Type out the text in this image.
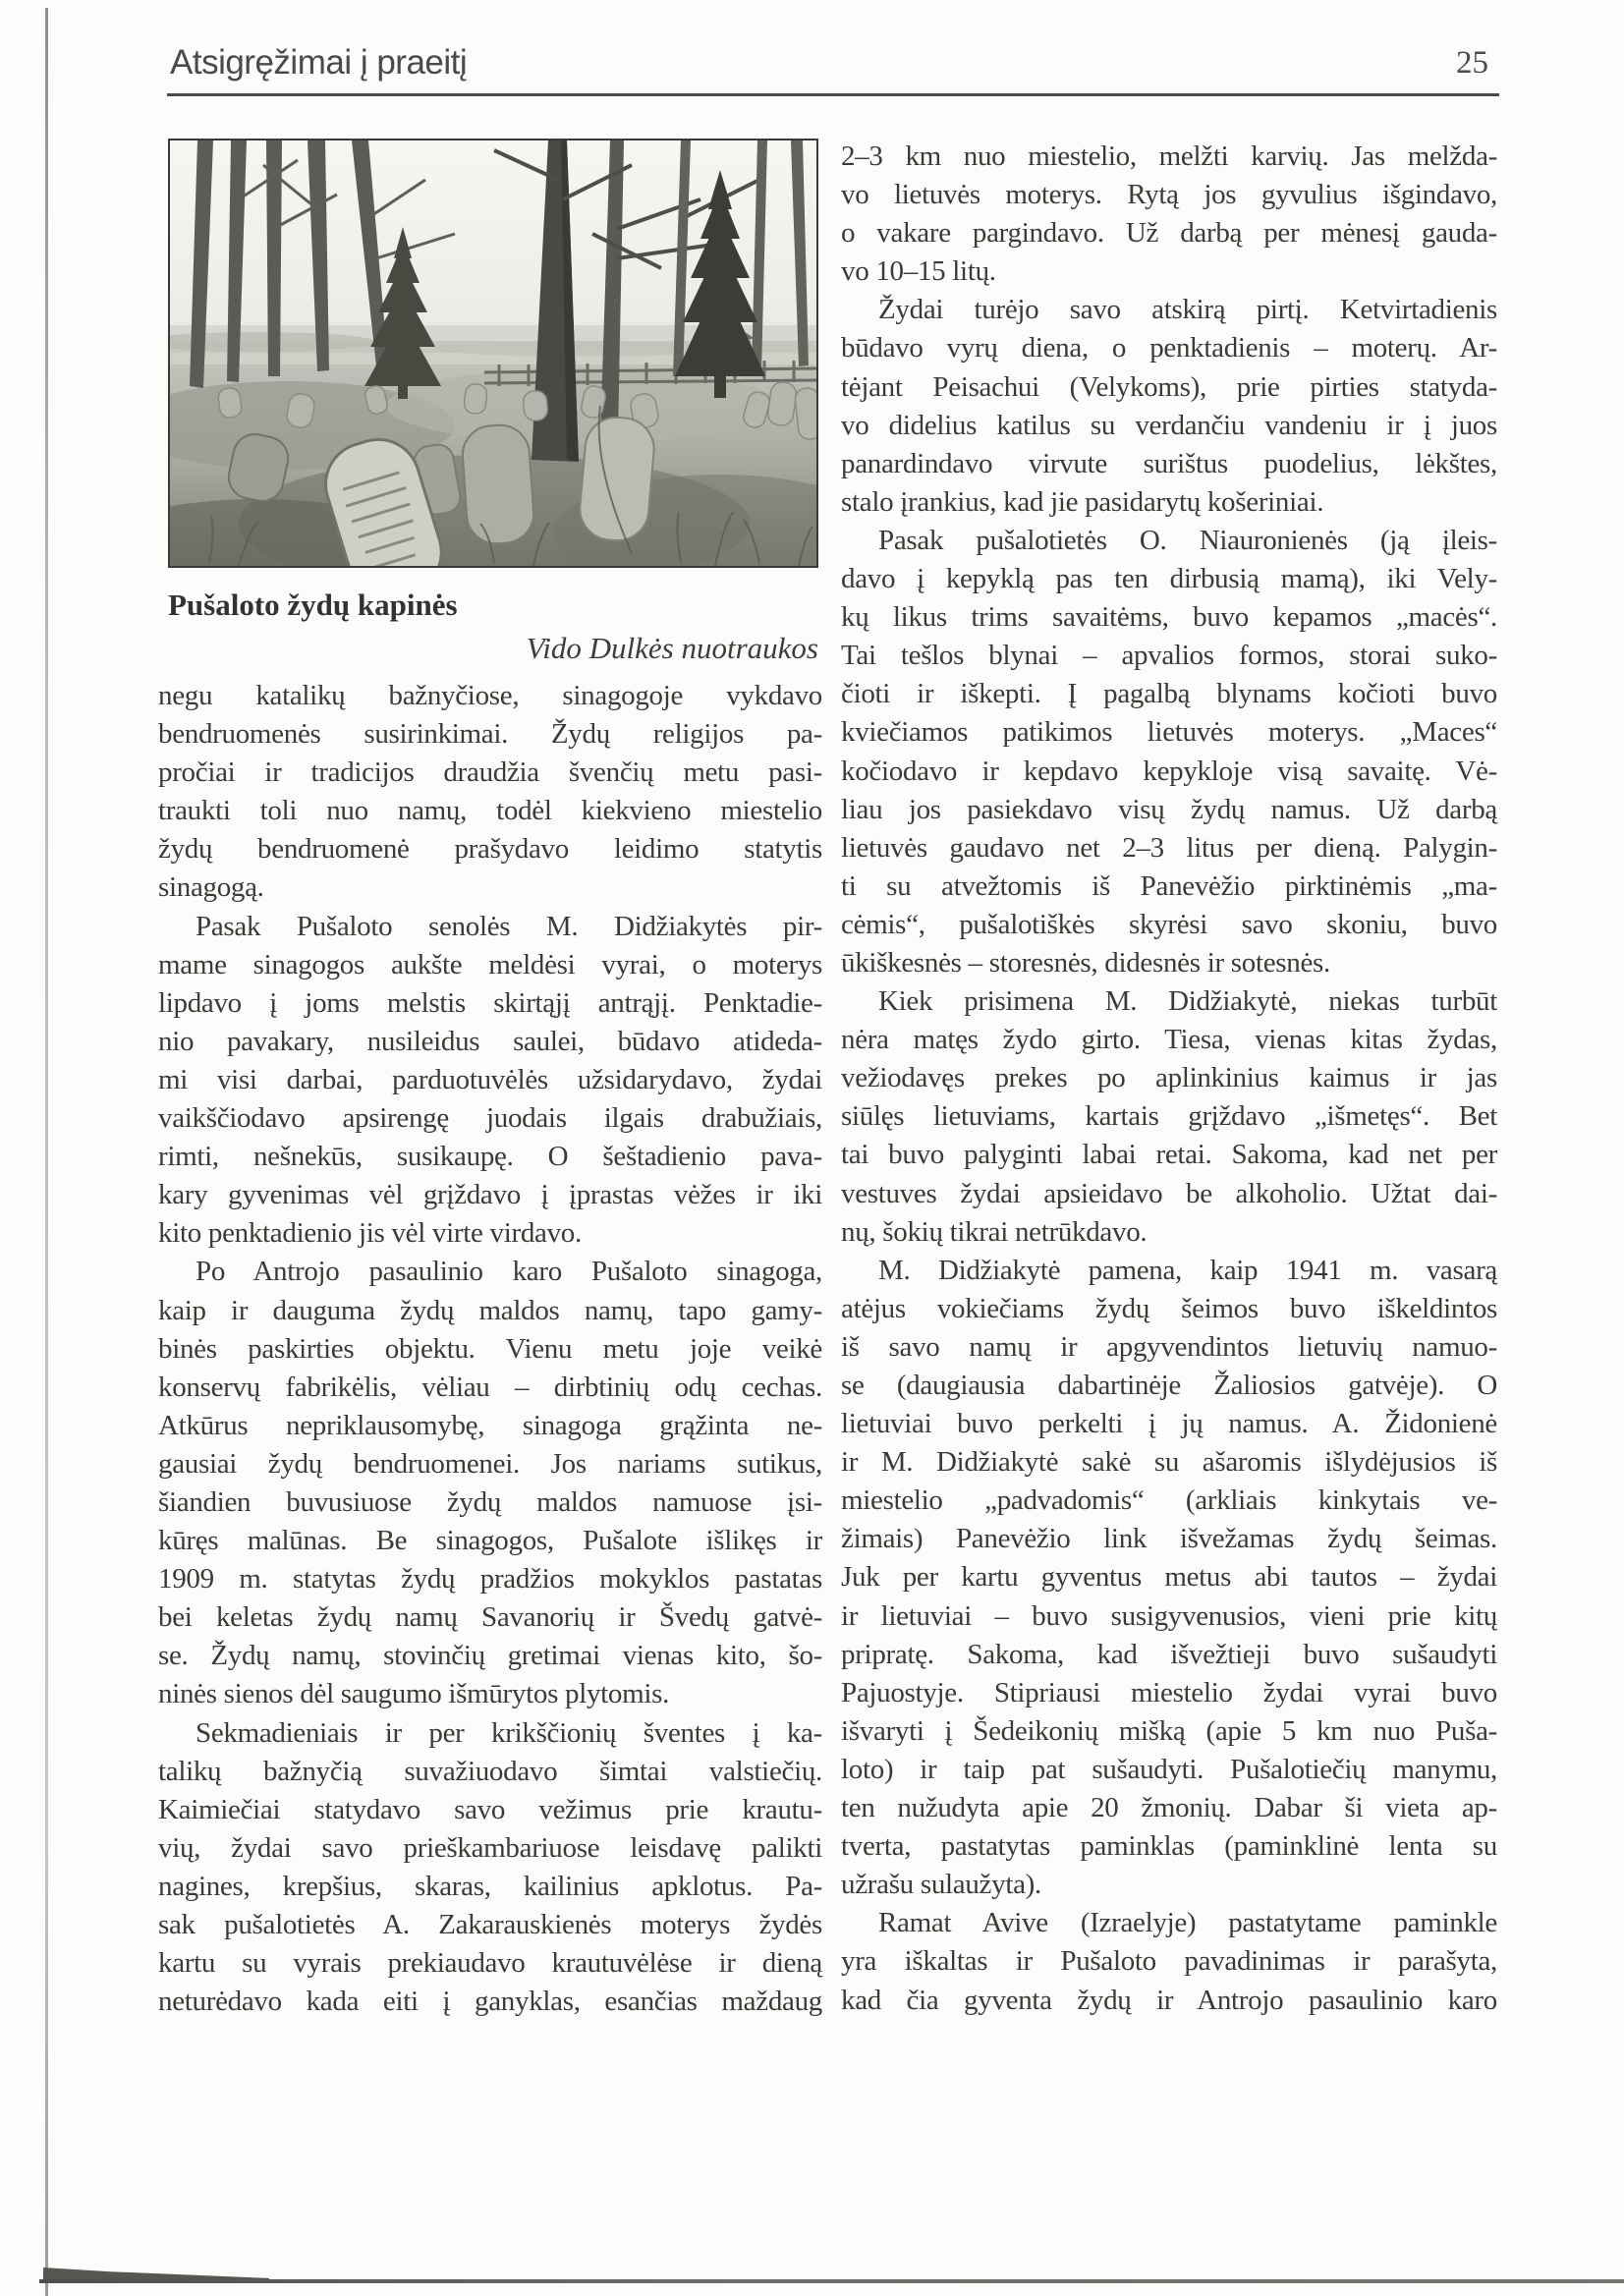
Atsigręžimai į praeitį	25
Pušaloto žydų kapinės
Vido Dulkės nuotraukos

negu katalikų bažnyčiose, sinagogoje vykdavo
bendruomenės susirinkimai. Žydų religijos pa-
pročiai ir tradicijos draudžia švenčių metu pasi-
traukti toli nuo namų, todėl kiekvieno miestelio
žydų bendruomenė prašydavo leidimo statytis
sinagogą.

Pasak Pušaloto senolės M. Didžiakytės pir-
mame sinagogos aukšte meldėsi vyrai, o moterys
lipdavo į joms melstis skirtąjį antrąjį. Penktadie-
nio pavakary, nusileidus saulei, būdavo atideda-
mi visi darbai, parduotuvėlės užsidarydavo, žydai
vaikščiodavo apsirengę juodais ilgais drabužiais,
rimti, nešnekūs, susikaupę. O šeštadienio pava-
kary gyvenimas vėl grįždavo į įprastas vėžes ir iki
kito penktadienio jis vėl virte virdavo.

Po Antrojo pasaulinio karo Pušaloto sinagoga,
kaip ir dauguma žydų maldos namų, tapo gamy-
binės paskirties objektu. Vienu metu joje veikė
konservų fabrikėlis, vėliau – dirbtinių odų cechas.
Atkūrus nepriklausomybę, sinagoga grąžinta ne-
gausiai žydų bendruomenei. Jos nariams sutikus,
šiandien buvusiuose žydų maldos namuose įsi-
kūręs malūnas. Be sinagogos, Pušalote išlikęs ir
1909 m. statytas žydų pradžios mokyklos pastatas
bei keletas žydų namų Savanorių ir Švedų gatvė-
se. Žydų namų, stovinčių gretimai vienas kito, šo-
ninės sienos dėl saugumo išmūrytos plytomis.

Sekmadieniais ir per krikščionių šventes į ka-
talikų bažnyčią suvažiuodavo šimtai valstiečių.
Kaimiečiai statydavo savo vežimus prie krautu-
vių, žydai savo prieškambariuose leisdavę palikti
nagines, krepšius, skaras, kailinius apklotus. Pa-
sak pušalotietės A. Zakarauskienės moterys žydės
kartu su vyrais prekiaudavo krautuvėlėse ir dieną
neturėdavo kada eiti į ganyklas, esančias maždaug

2–3 km nuo miestelio, melžti karvių. Jas melžda-
vo lietuvės moterys. Rytą jos gyvulius išgindavo,
o vakare pargindavo. Už darbą per mėnesį gauda-
vo 10–15 litų.

Žydai turėjo savo atskirą pirtį. Ketvirtadienis
būdavo vyrų diena, o penktadienis – moterų. Ar-
tėjant Peisachui (Velykoms), prie pirties statyda-
vo didelius katilus su verdančiu vandeniu ir į juos
panardindavo virvute surištus puodelius, lėkštes,
stalo įrankius, kad jie pasidarytų košeriniai.

Pasak pušalotietės O. Niauronienės (ją įleis-
davo į kepyklą pas ten dirbusią mamą), iki Vely-
kų likus trims savaitėms, buvo kepamos „macės“.
Tai tešlos blynai – apvalios formos, storai suko-
čioti ir iškepti. Į pagalbą blynams kočioti buvo
kviečiamos patikimos lietuvės moterys. „Maces“
kočiodavo ir kepdavo kepykloje visą savaitę. Vė-
liau jos pasiekdavo visų žydų namus. Už darbą
lietuvės gaudavo net 2–3 litus per dieną. Palygin-
ti su atvežtomis iš Panevėžio pirktinėmis „ma-
cėmis“, pušalotiškės skyrėsi savo skoniu, buvo
ūkiškesnės – storesnės, didesnės ir sotesnės.

Kiek prisimena M. Didžiakytė, niekas turbūt
nėra matęs žydo girto. Tiesa, vienas kitas žydas,
vežiodavęs prekes po aplinkinius kaimus ir jas
siūlęs lietuviams, kartais grįždavo „išmetęs“. Bet
tai buvo palyginti labai retai. Sakoma, kad net per
vestuves žydai apsieidavo be alkoholio. Užtat dai-
nų, šokių tikrai netrūkdavo.

M. Didžiakytė pamena, kaip 1941 m. vasarą
atėjus vokiečiams žydų šeimos buvo iškeldintos
iš savo namų ir apgyvendintos lietuvių namuo-
se (daugiausia dabartinėje Žaliosios gatvėje). O
lietuviai buvo perkelti į jų namus. A. Židonienė
ir M. Didžiakytė sakė su ašaromis išlydėjusios iš
miestelio „padvadomis“ (arkliais kinkytais ve-
žimais) Panevėžio link išvežamas žydų šeimas.
Juk per kartu gyventus metus abi tautos – žydai
ir lietuviai – buvo susigyvenusios, vieni prie kitų
pripratę. Sakoma, kad išvežtieji buvo sušaudyti
Pajuostyje. Stipriausi miestelio žydai vyrai buvo
išvaryti į Šedeikonių mišką (apie 5 km nuo Puša-
loto) ir taip pat sušaudyti. Pušalotiečių manymu,
ten nužudyta apie 20 žmonių. Dabar ši vieta ap-
tverta, pastatytas paminklas (paminklinė lenta su
užrašu sulaužyta).

Ramat Avive (Izraelyje) pastatytame paminkle
yra iškaltas ir Pušaloto pavadinimas ir parašyta,
kad čia gyventa žydų ir Antrojo pasaulinio karo
